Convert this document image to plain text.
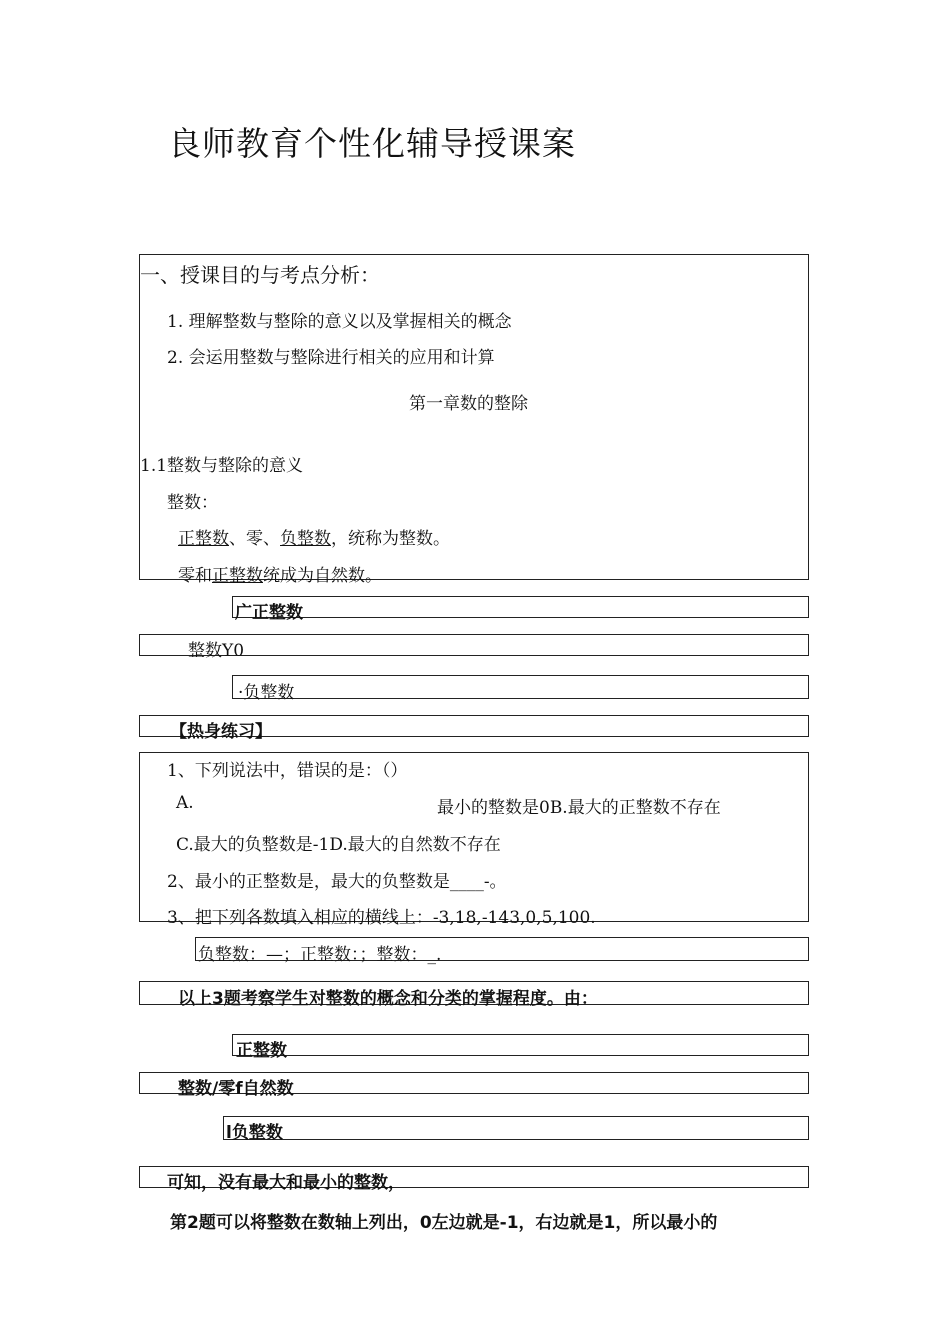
良师教育个性化辅导授课案
一、授课目的与考点分析：
1. 理解整数与整除的意义以及掌握相关的概念
2. 会运用整数与整除进行相关的应用和计算
第一章数的整除
1.1整数与整除的意义
整数：
正整数、零、负整数，统称为整数。
零和正整数统成为自然数。
广正整数
整数Y0
·负整数
【热身练习】
1、下列说法中，错误的是：（）
A.	最小的整数是0B.最大的正整数不存在
C.最大的负整数是-1D.最大的自然数不存在
2、最小的正整数是，最大的负整数是____-。
3、把下列各数填入相应的横线上：-3,18,-143,0,5,100.
负整数：—；正整数：；整数：_.
以上3题考察学生对整数的概念和分类的掌握程度。由：
正整数
整数/零f自然数
l负整数
可知，没有最大和最小的整数，
第2题可以将整数在数轴上列出，0左边就是-1，右边就是1，所以最小的
